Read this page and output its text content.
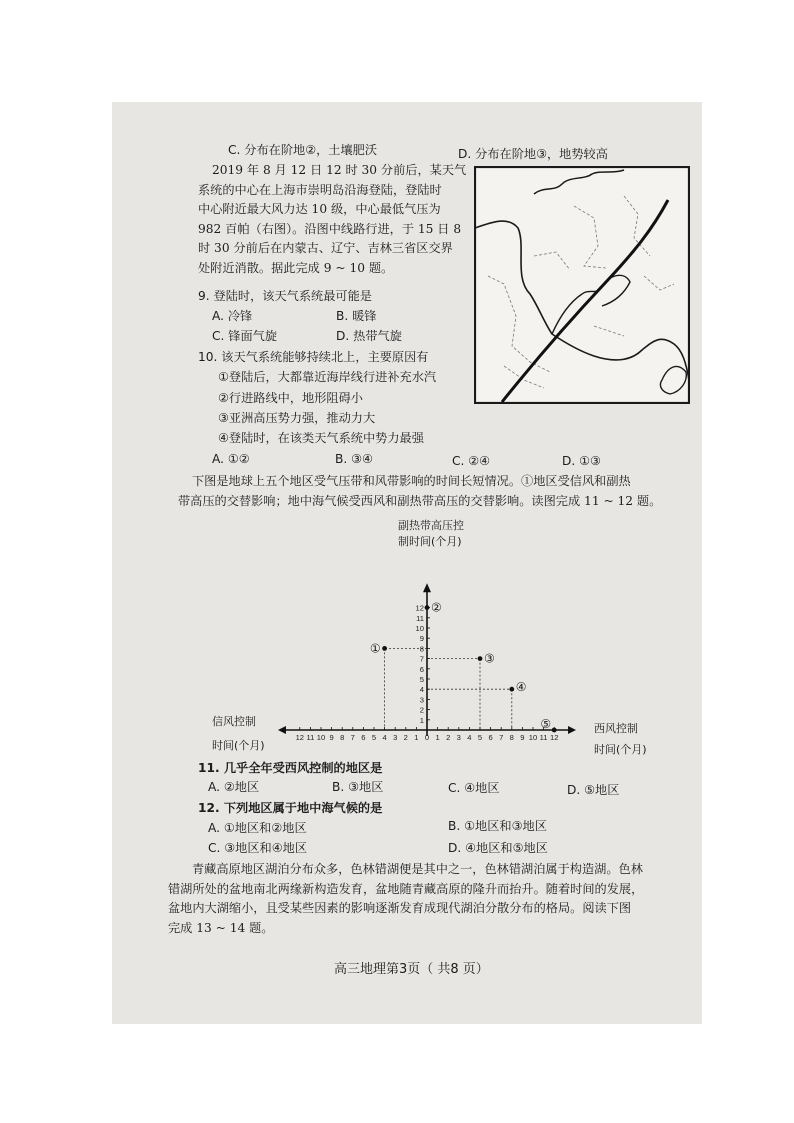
C. 分布在阶地②，土壤肥沃	D. 分布在阶地③，地势较高
2019 年 8 月 12 日 12 时 30 分前后，某天气
系统的中心在上海市崇明岛沿海登陆，登陆时
中心附近最大风力达 10 级，中心最低气压为
982 百帕（右图）。沿图中线路行进，于 15 日 8
时 30 分前后在内蒙古、辽宁、吉林三省区交界
处附近消散。据此完成 9 ~ 10 题。
9. 登陆时，该天气系统最可能是
A. 冷锋	B. 暖锋
C. 锋面气旋	D. 热带气旋
10. 该天气系统能够持续北上，主要原因有
①登陆后，大都靠近海岸线行进补充水汽
②行进路线中，地形阻碍小
③亚洲高压势力强，推动力大
④登陆时，在该类天气系统中势力最强
A. ①②	B. ③④	C. ②④	D. ①③
下图是地球上五个地区受气压带和风带影响的时间长短情况。①地区受信风和副热
带高压的交替影响；地中海气候受西风和副热带高压的交替影响。读图完成 11 ~ 12 题。
副热带高压控
制时间(个月)
信风控制
时间(个月)
西风控制
时间(个月)
12 11 10 9 8 7 6 5 4 3 2 1 1 2 3 4 5 6 7 8 9 10 11 12
0
1
2
3
4
5
6
7
8
9
10
11
12
①
②
③
④
⑤
11. 几乎全年受西风控制的地区是
A. ②地区	B. ③地区	C. ④地区	D. ⑤地区
12. 下列地区属于地中海气候的是
A. ①地区和②地区	B. ①地区和③地区
C. ③地区和④地区	D. ④地区和⑤地区
青藏高原地区湖泊分布众多，色林错湖便是其中之一，色林错湖泊属于构造湖。色林
错湖所处的盆地南北两缘新构造发育，盆地随青藏高原的隆升而抬升。随着时间的发展，
盆地内大湖缩小，且受某些因素的影响逐渐发育成现代湖泊分散分布的格局。阅读下图
完成 13 ~ 14 题。
高三地理第3页（ 共8 页）
